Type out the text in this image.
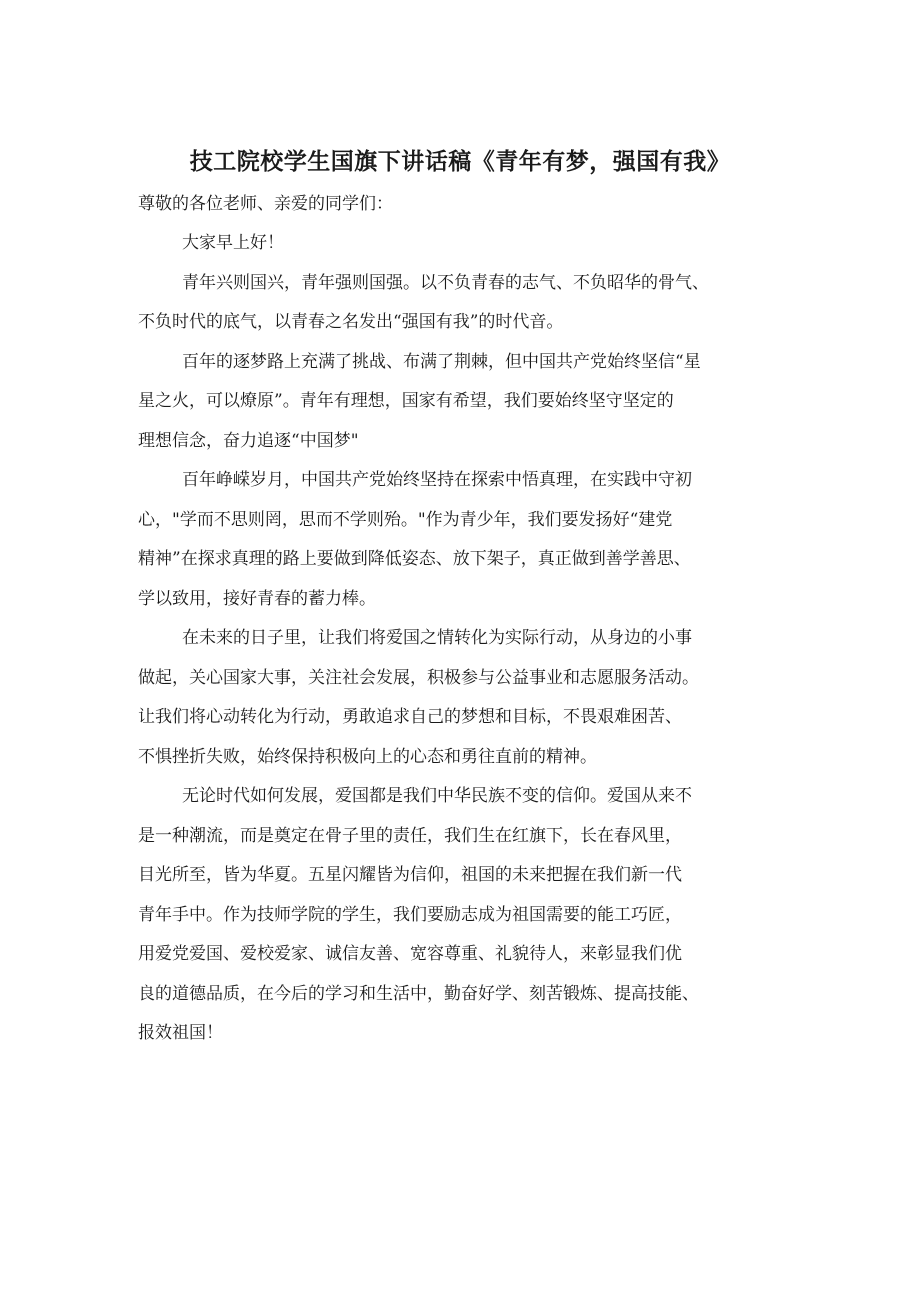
技工院校学生国旗下讲话稿《青年有梦，强国有我》
尊敬的各位老师、亲爱的同学们：
大家早上好！
青年兴则国兴，青年强则国强。以不负青春的志气、不负昭华的骨气、
不负时代的底气，以青春之名发出“强国有我”的时代音。
百年的逐梦路上充满了挑战、布满了荆棘，但中国共产党始终坚信“星
星之火，可以燎原”。青年有理想，国家有希望，我们要始终坚守坚定的
理想信念，奋力追逐“中国梦"
百年峥嵘岁月，中国共产党始终坚持在探索中悟真理，在实践中守初
心，"学而不思则罔，思而不学则殆。"作为青少年，我们要发扬好“建党
精神”在探求真理的路上要做到降低姿态、放下架子，真正做到善学善思、
学以致用，接好青春的蓄力棒。
在未来的日子里，让我们将爱国之情转化为实际行动，从身边的小事
做起，关心国家大事，关注社会发展，积极参与公益事业和志愿服务活动。
让我们将心动转化为行动，勇敢追求自己的梦想和目标，不畏艰难困苦、
不惧挫折失败，始终保持积极向上的心态和勇往直前的精神。
无论时代如何发展，爱国都是我们中华民族不变的信仰。爱国从来不
是一种潮流，而是奠定在骨子里的责任，我们生在红旗下，长在春风里，
目光所至，皆为华夏。五星闪耀皆为信仰，祖国的未来把握在我们新一代
青年手中。作为技师学院的学生，我们要励志成为祖国需要的能工巧匠，
用爱党爱国、爱校爱家、诚信友善、宽容尊重、礼貌待人，来彰显我们优
良的道德品质，在今后的学习和生活中，勤奋好学、刻苦锻炼、提高技能、
报效祖国！
